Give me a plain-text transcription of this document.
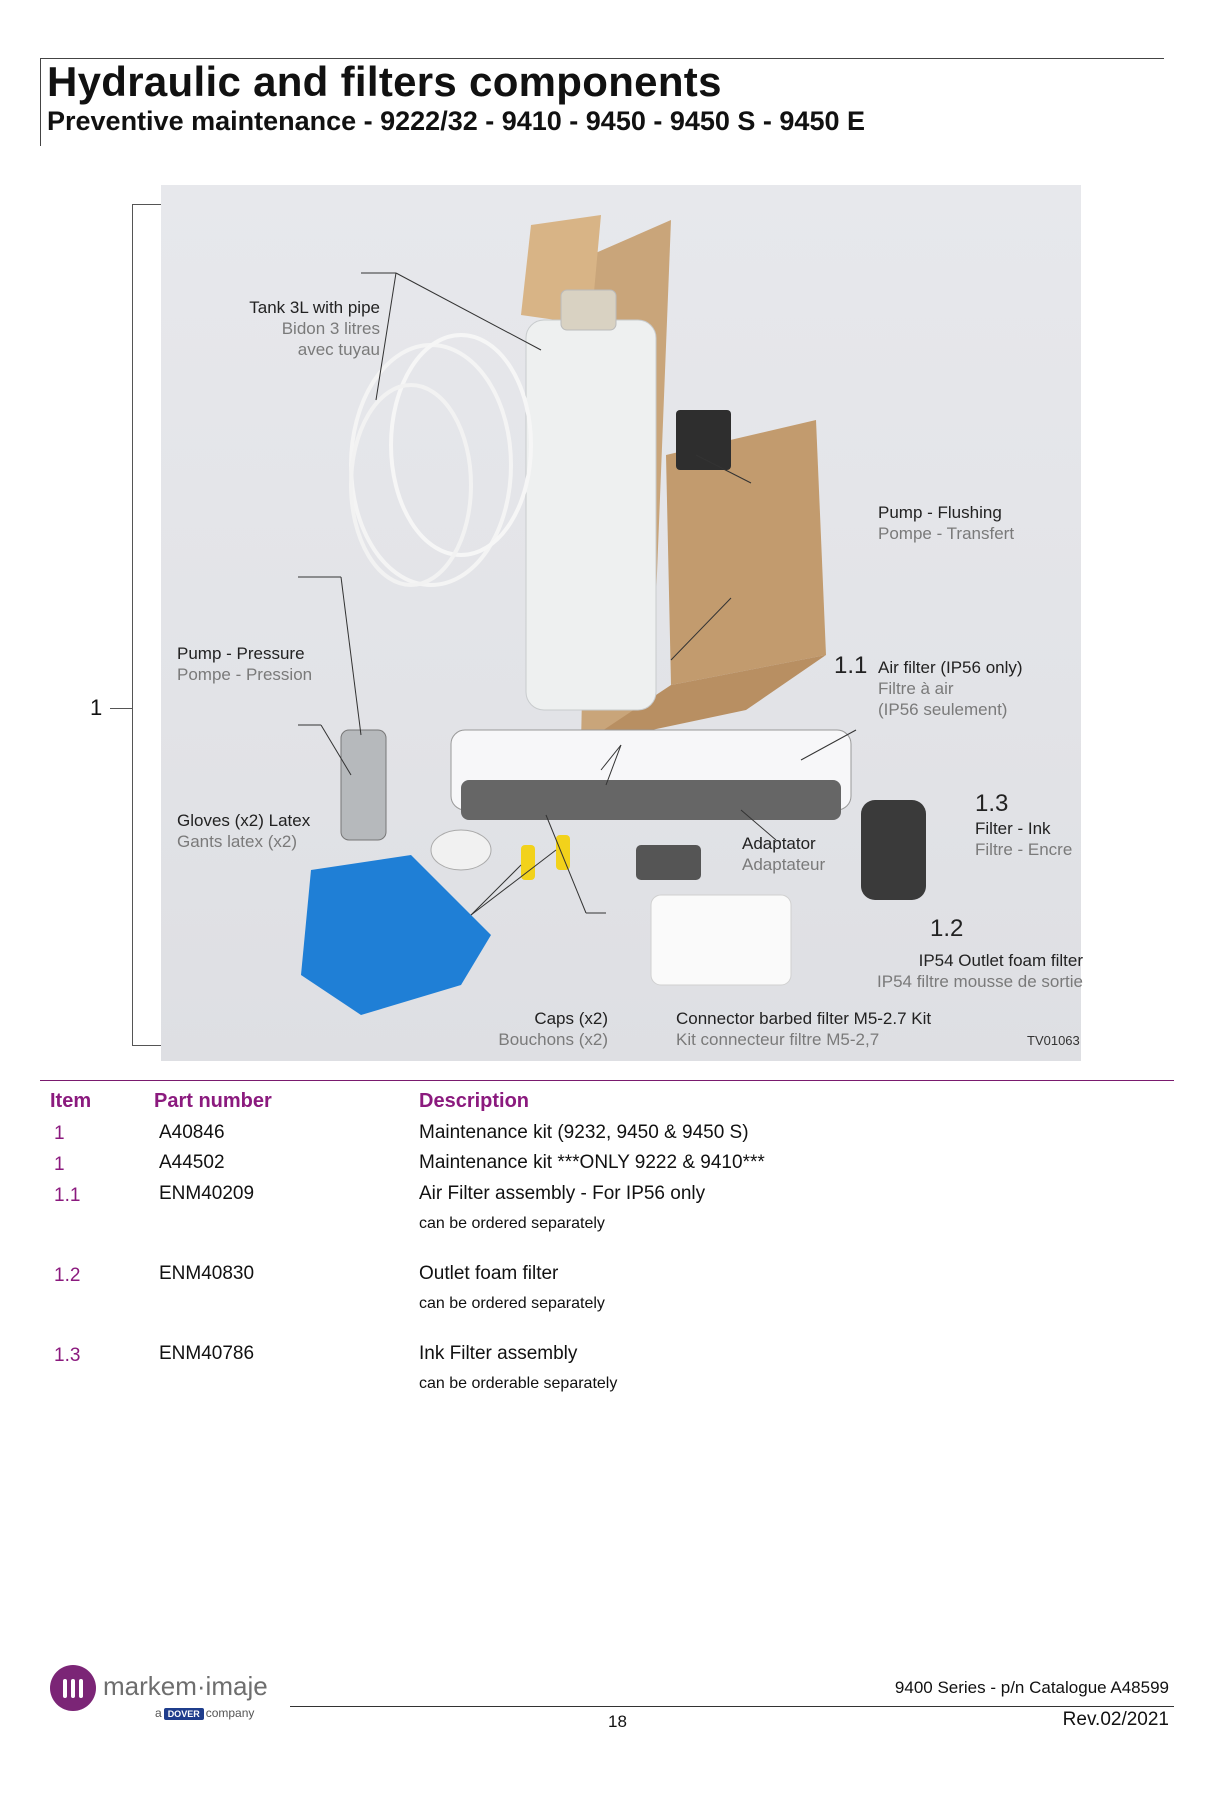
Hydraulic and filters components
Preventive maintenance - 9222/32 - 9410 - 9450 - 9450 S - 9450 E
1
Tank 3L with pipe
Bidon 3 litres
avec tuyau
Pump - Flushing
Pompe - Transfert
Pump - Pressure
Pompe - Pression	1.1 Air filter (IP56 only)
Filtre à air
(IP56 seulement)
1.3
Filter - Ink
Filtre - Encre
Gloves (x2) Latex
Gants latex (x2)	Adaptator
Adaptateur
1.2
IP54 Outlet foam filter
IP54 filtre mousse de sortie
Caps (x2)
Bouchons (x2)
Connector barbed filter M5-2.7 Kit
Kit connecteur filtre M5-2,7	TV01063
Item	Part number	Description
1	A40846	Maintenance kit (9232, 9450 & 9450 S)
1	A44502	Maintenance kit ***ONLY 9222 & 9410***
1.1	ENM40209	Air Filter assembly - For IP56 only
can be ordered separately
1.2	ENM40830	Outlet foam filter
can be ordered separately
1.3	ENM40786	Ink Filter assembly
can be orderable separately
markem·imaje
a DOVER company
9400 Series - p/n Catalogue A48599
18	Rev.02/2021
